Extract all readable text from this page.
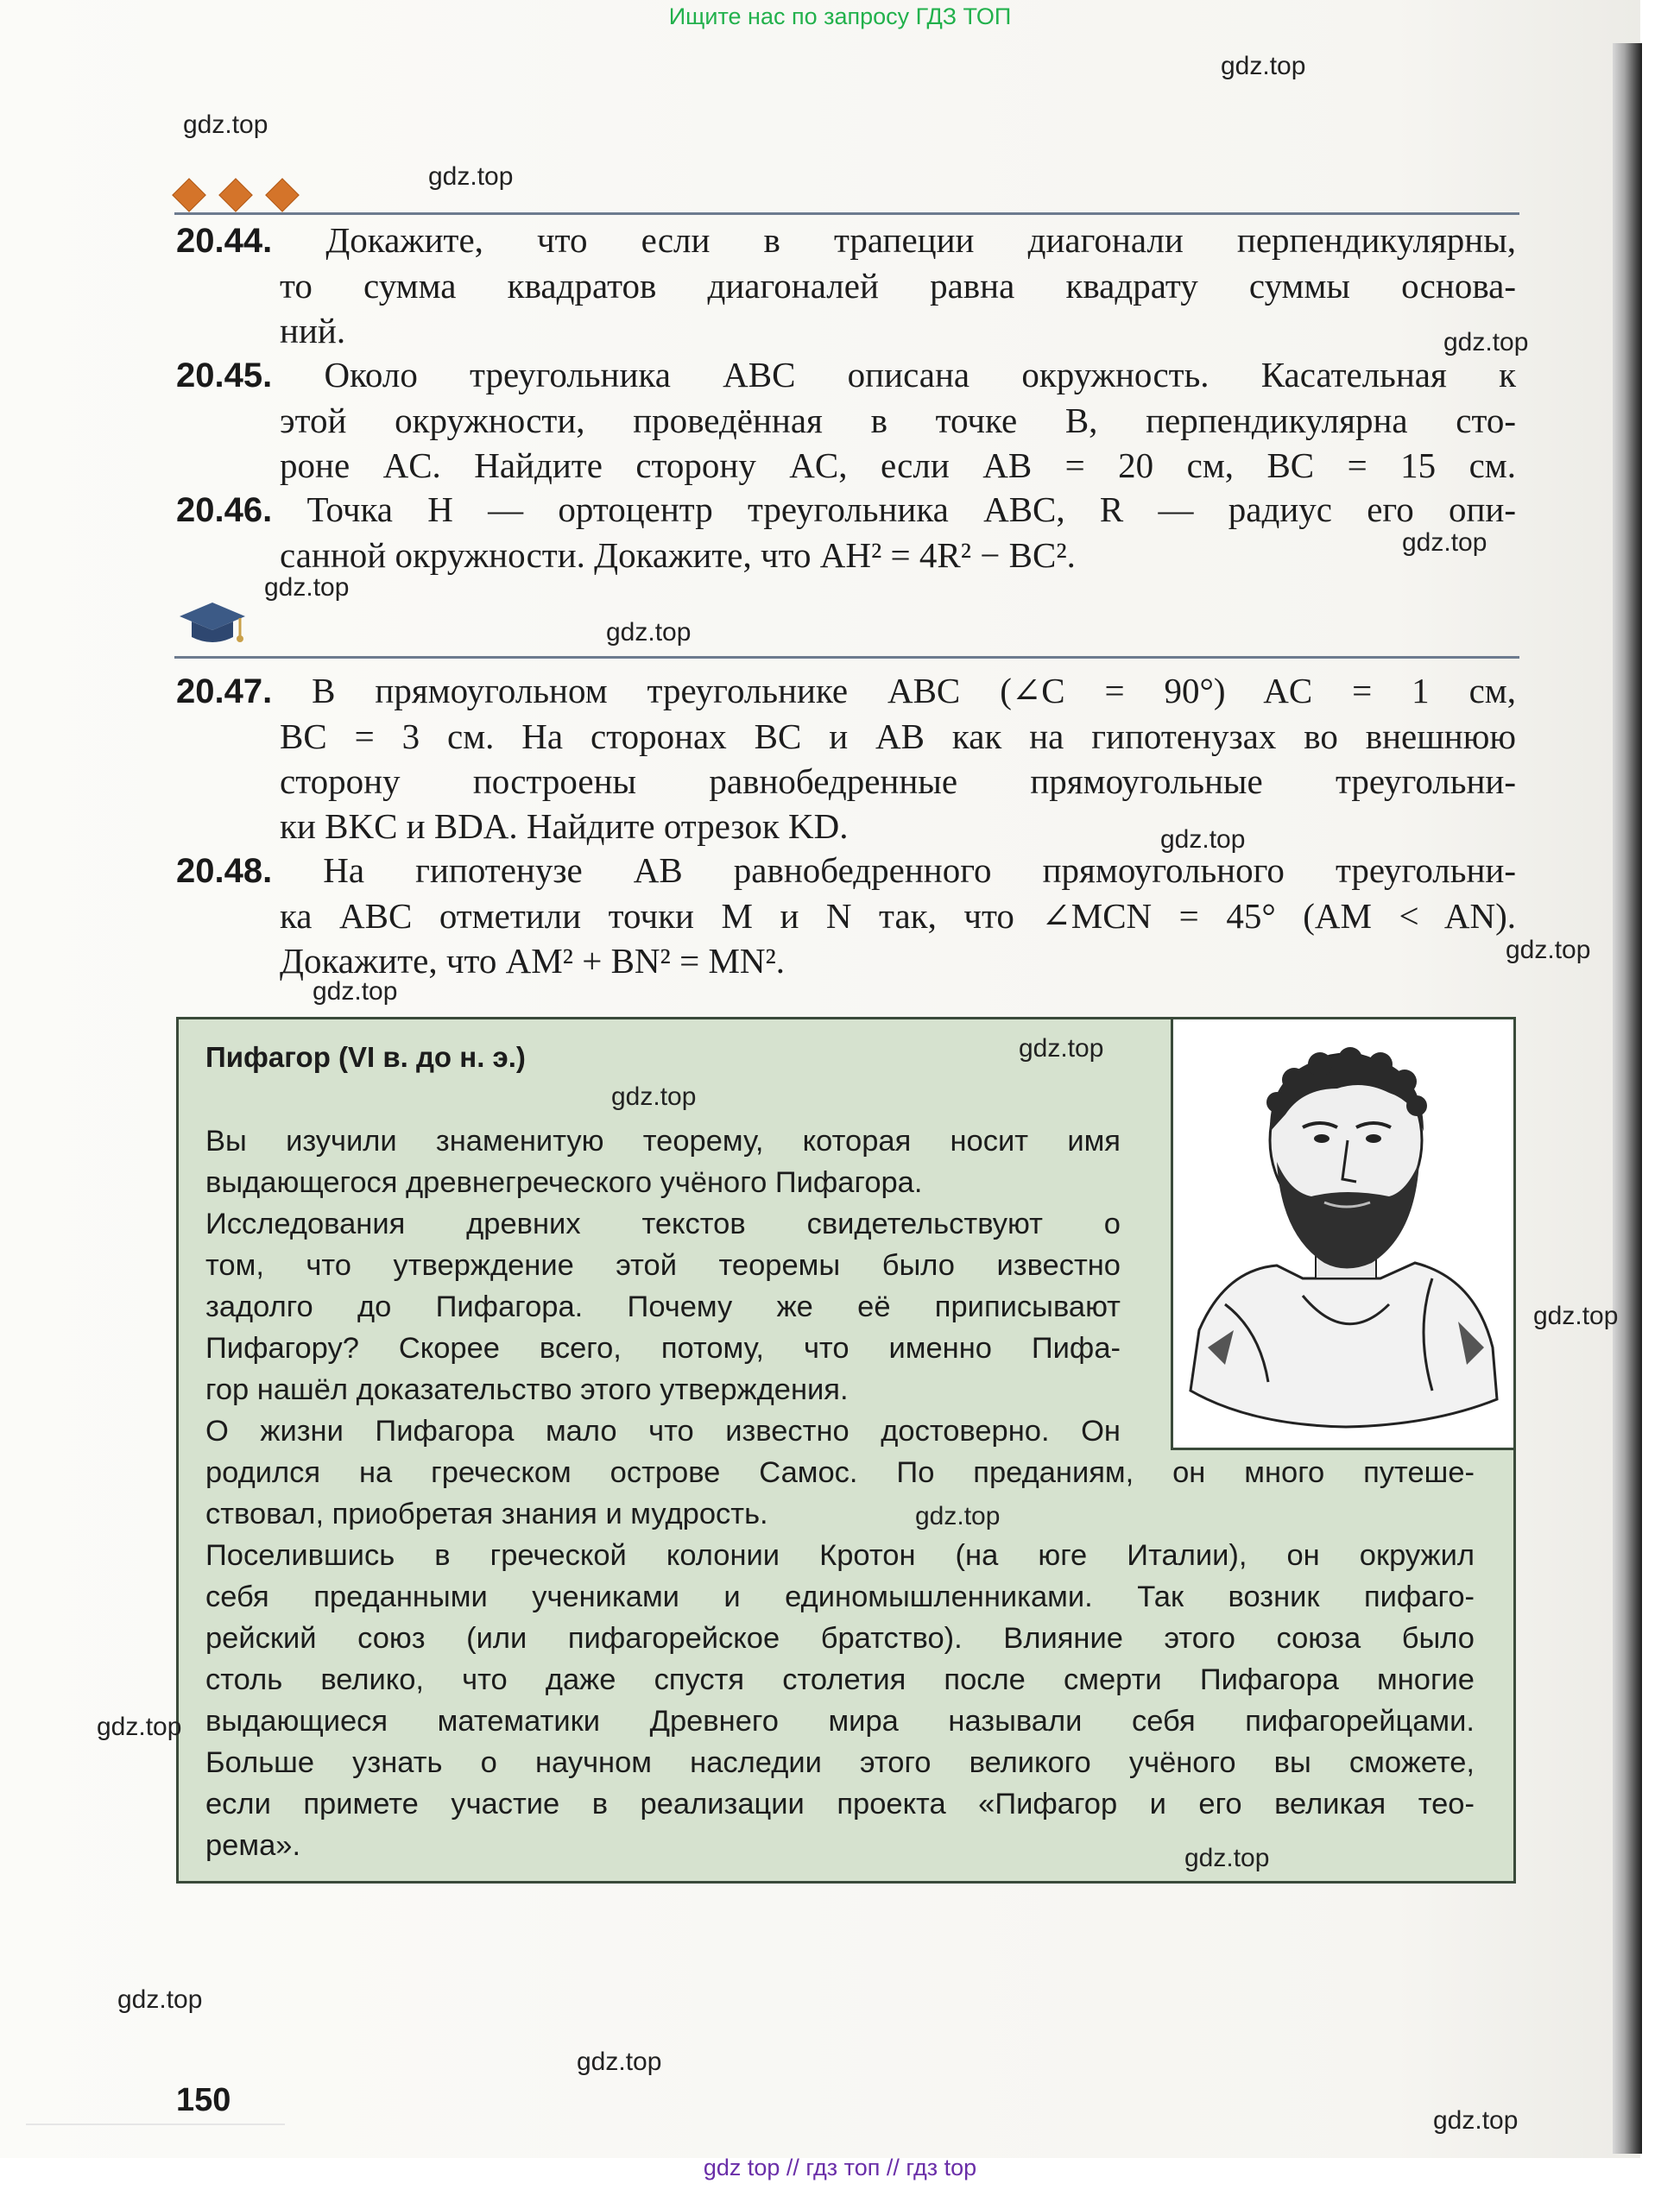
Ищите нас по запросу ГДЗ ТОП
gdz.top
gdz.top
gdz.top
gdz.top
gdz.top
gdz.top
gdz.top
gdz.top
gdz.top
gdz.top
20.44. Докажите, что если в трапеции диагонали перпендикулярны,
то сумма квадратов диагоналей равна квадрату суммы основа-
ний.
20.45. Около треугольника ABC описана окружность. Касательная к
этой окружности, проведённая в точке B, перпендикулярна сто-
роне AC. Найдите сторону AC, если AB = 20 см, BC = 15 см.
20.46. Точка H — ортоцентр треугольника ABC, R — радиус его опи-
санной окружности. Докажите, что AH² = 4R² − BC².
20.47. В прямоугольном треугольнике ABC (∠C = 90°) AC = 1 см,
BC = 3 см. На сторонах BC и AB как на гипотенузах во внешнюю
сторону построены равнобедренные прямоугольные треугольни-
ки BKC и BDA. Найдите отрезок KD.
20.48. На гипотенузе AB равнобедренного прямоугольного треугольни-
ка ABC отметили точки M и N так, что ∠MCN = 45° (AM < AN).
Докажите, что AM² + BN² = MN².
Пифагор (VI в. до н. э.)
Вы изучили знаменитую теорему, которая носит имя
выдающегося древнегреческого учёного Пифагора.
Исследования древних текстов свидетельствуют о
том, что утверждение этой теоремы было известно
задолго до Пифагора. Почему же её приписывают
Пифагору? Скорее всего, потому, что именно Пифа-
гор нашёл доказательство этого утверждения.
О жизни Пифагора мало что известно достоверно. Он
родился на греческом острове Самос. По преданиям, он много путеше-
ствовал, приобретая знания и мудрость.
Поселившись в греческой колонии Кротон (на юге Италии), он окружил
себя преданными учениками и единомышленниками. Так возник пифаго-
рейский союз (или пифагорейское братство). Влияние этого союза было
столь велико, что даже спустя столетия после смерти Пифагора многие
выдающиеся математики Древнего мира называли себя пифагорейцами.
Больше узнать о научном наследии этого великого учёного вы сможете,
если примете участие в реализации проекта «Пифагор и его великая тео-
рема».
gdz.top
gdz.top
gdz.top
gdz.top
gdz.top
gdz.top
gdz.top
gdz.top
gdz.top
150
gdz top // гдз топ // гдз top
